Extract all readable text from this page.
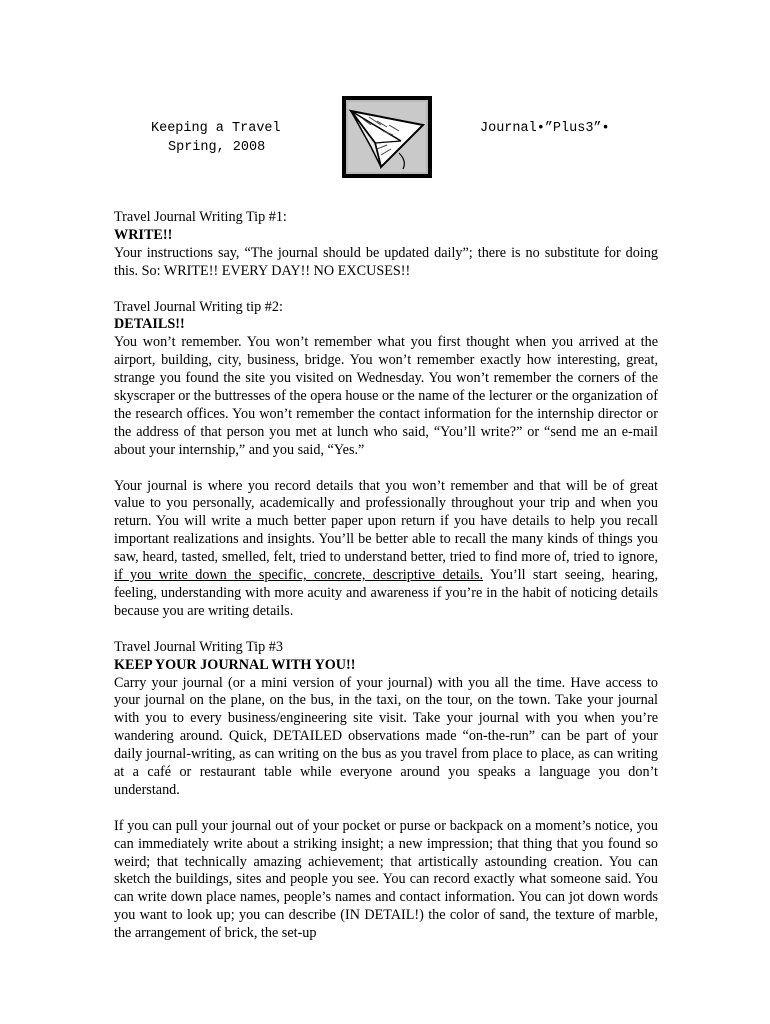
Keeping a Travel
Spring, 2008
Journal•”Plus3”•

Travel Journal Writing Tip #1:

WRITE!!

Your instructions say, “The journal should be updated daily”; there is no substitute for doing this. So: WRITE!! EVERY DAY!! NO EXCUSES!!

Travel Journal Writing tip #2:

DETAILS!!

You won’t remember. You won’t remember what you first thought when you arrived at the airport, building, city, business, bridge. You won’t remember exactly how interesting, great, strange you found the site you visited on Wednesday. You won’t remember the corners of the skyscraper or the buttresses of the opera house or the name of the lecturer or the organization of the research offices. You won’t remember the contact information for the internship director or the address of that person you met at lunch who said, “You’ll write?” or “send me an e-mail about your internship,” and you said, “Yes.”

Your journal is where you record details that you won’t remember and that will be of great value to you personally, academically and professionally throughout your trip and when you return. You will write a much better paper upon return if you have details to help you recall important realizations and insights. You’ll be better able to recall the many kinds of things you saw, heard, tasted, smelled, felt, tried to understand better, tried to find more of, tried to ignore, if you write down the specific, concrete, descriptive details. You’ll start seeing, hearing, feeling, understanding with more acuity and awareness if you’re in the habit of noticing details because you are writing details.

Travel Journal Writing Tip #3

KEEP YOUR JOURNAL WITH YOU!!

Carry your journal (or a mini version of your journal) with you all the time. Have access to your journal on the plane, on the bus, in the taxi, on the tour, on the town. Take your journal with you to every business/engineering site visit. Take your journal with you when you’re wandering around. Quick, DETAILED observations made “on-the-run” can be part of your daily journal-writing, as can writing on the bus as you travel from place to place, as can writing at a café or restaurant table while everyone around you speaks a language you don’t understand.

If you can pull your journal out of your pocket or purse or backpack on a moment’s notice, you can immediately write about a striking insight; a new impression; that thing that you found so weird; that technically amazing achievement; that artistically astounding creation. You can sketch the buildings, sites and people you see. You can record exactly what someone said. You can write down place names, people’s names and contact information. You can jot down words you want to look up; you can describe (IN DETAIL!) the color of sand, the texture of marble, the arrangement of brick, the set-up
